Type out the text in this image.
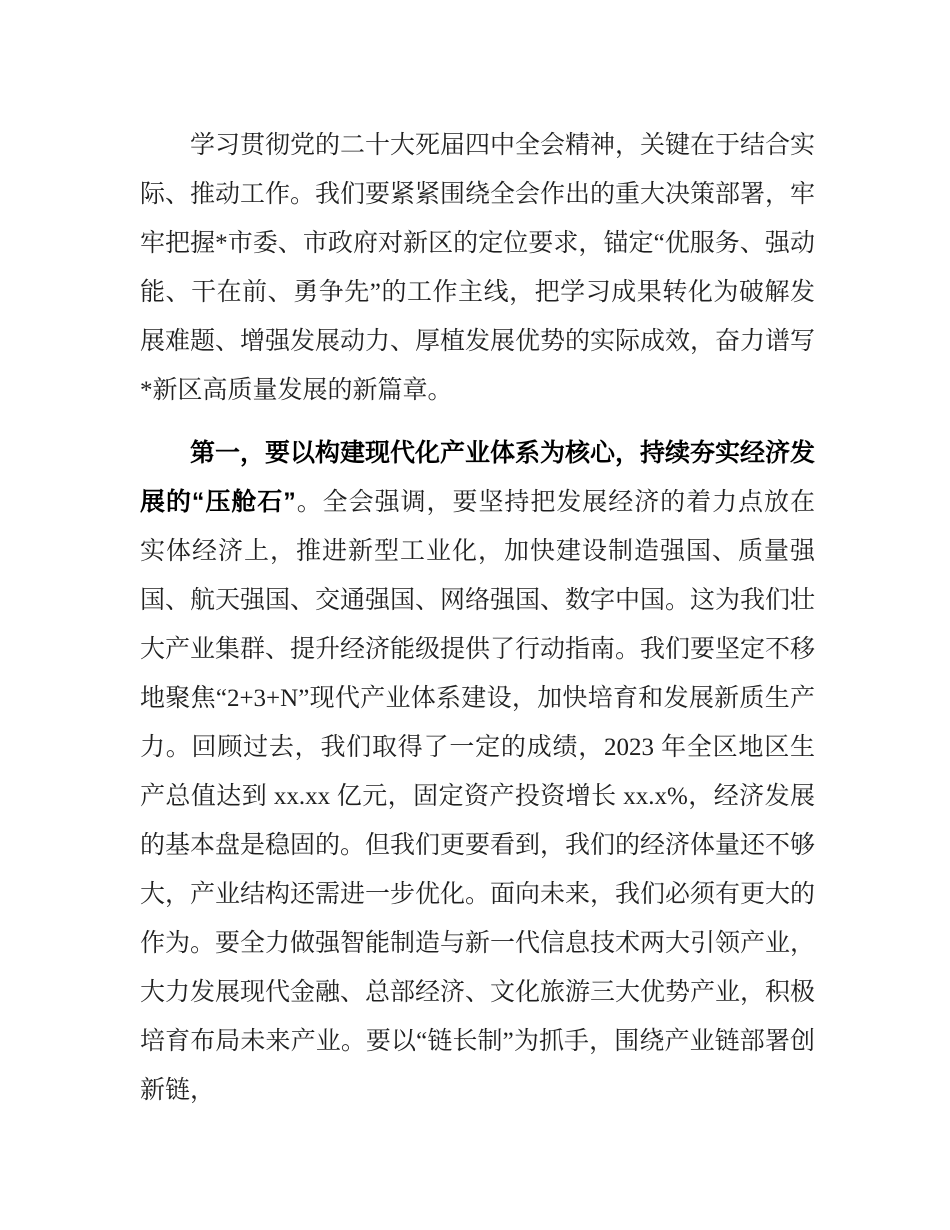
学习贯彻党的二十大死届四中全会精神，关键在于结合实际、推动工作。我们要紧紧围绕全会作出的重大决策部署，牢牢把握*市委、市政府对新区的定位要求，锚定“优服务、强动能、干在前、勇争先”的工作主线，把学习成果转化为破解发展难题、增强发展动力、厚植发展优势的实际成效，奋力谱写*新区高质量发展的新篇章。

第一，要以构建现代化产业体系为核心，持续夯实经济发展的“压舱石”。全会强调，要坚持把发展经济的着力点放在实体经济上，推进新型工业化，加快建设制造强国、质量强国、航天强国、交通强国、网络强国、数字中国。这为我们壮大产业集群、提升经济能级提供了行动指南。我们要坚定不移地聚焦“2+3+N”现代产业体系建设，加快培育和发展新质生产力。回顾过去，我们取得了一定的成绩，2023 年全区地区生产总值达到 xx.xx 亿元，固定资产投资增长 xx.x%，经济发展的基本盘是稳固的。但我们更要看到，我们的经济体量还不够大，产业结构还需进一步优化。面向未来，我们必须有更大的作为。要全力做强智能制造与新一代信息技术两大引领产业，大力发展现代金融、总部经济、文化旅游三大优势产业，积极培育布局未来产业。要以“链长制”为抓手，围绕产业链部署创新链，
